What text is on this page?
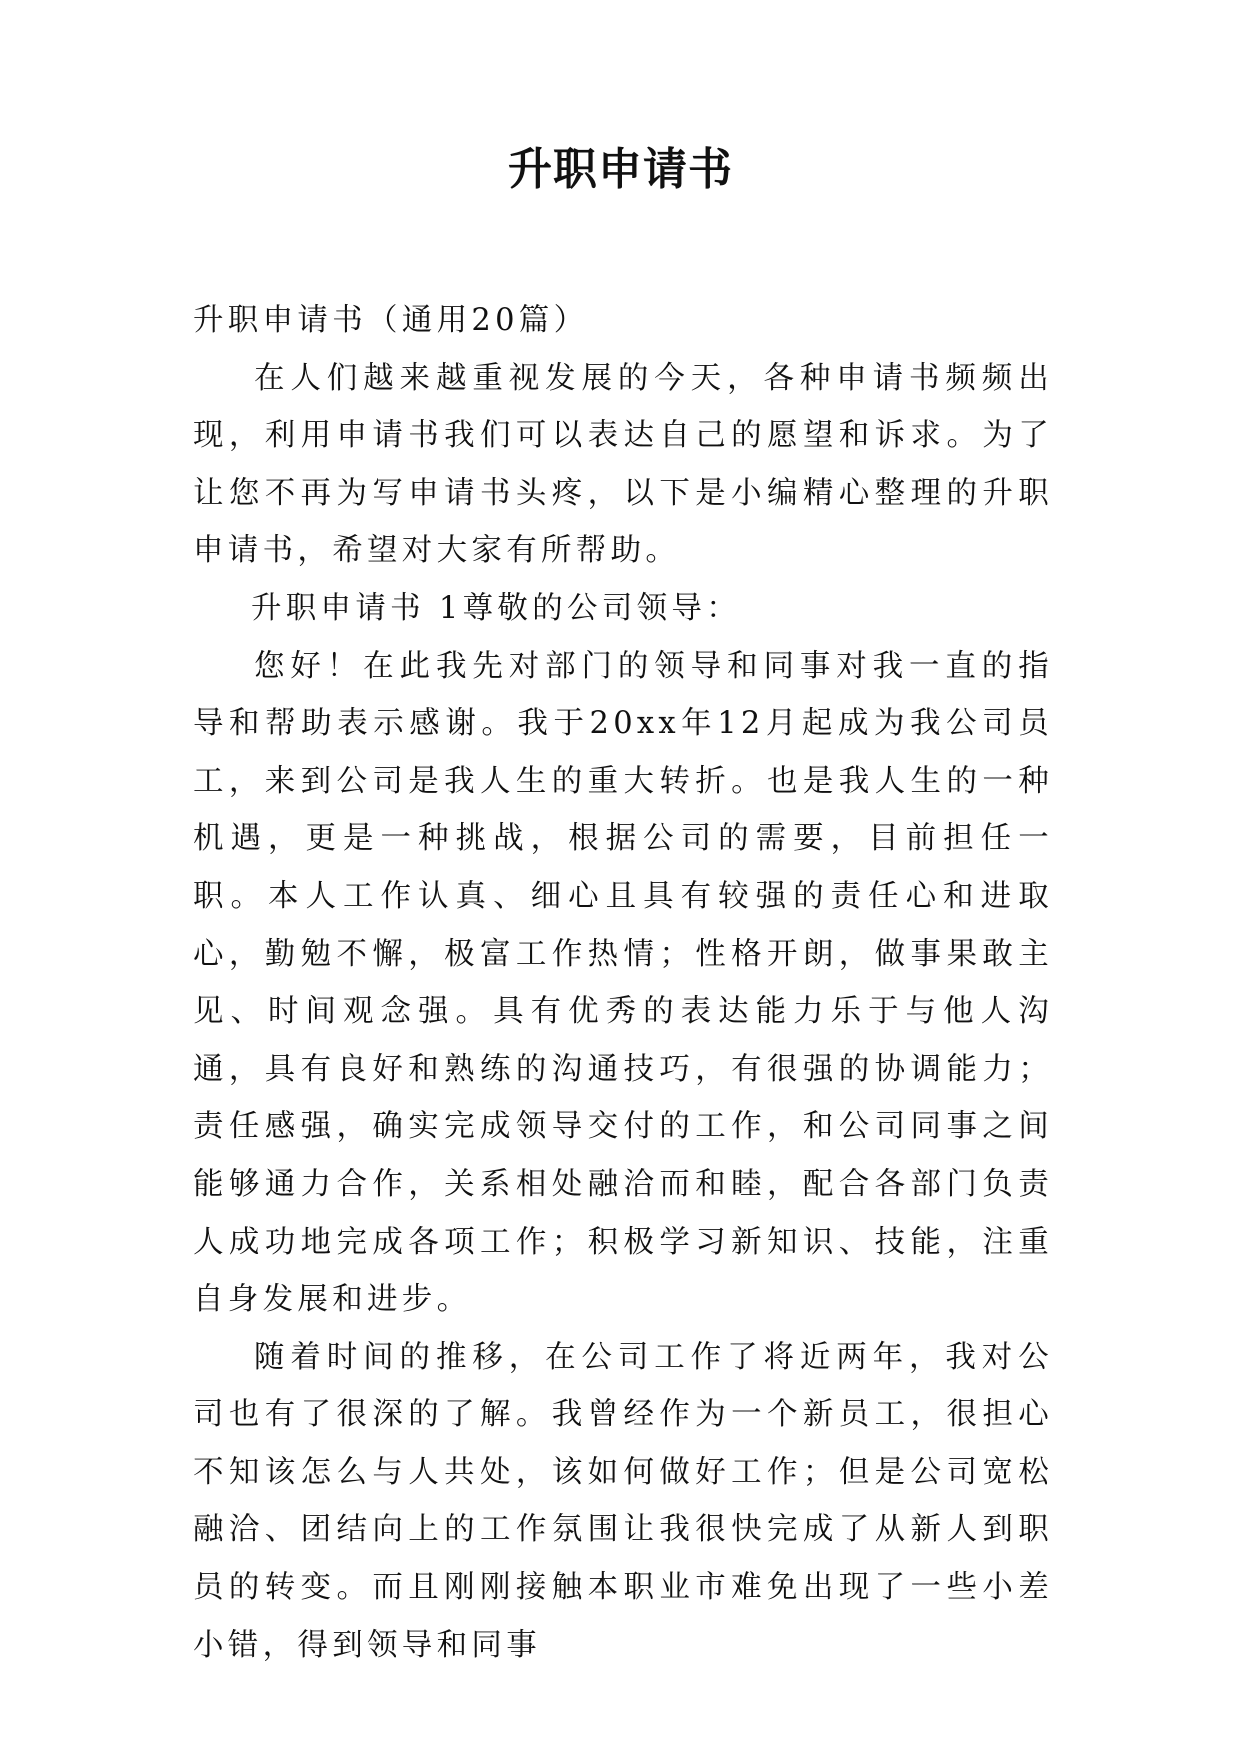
升职申请书

升职申请书（通用20篇）

在人们越来越重视发展的今天，各种申请书频频出现，利用申请书我们可以表达自己的愿望和诉求。为了让您不再为写申请书头疼，以下是小编精心整理的升职申请书，希望对大家有所帮助。

升职申请书 1尊敬的公司领导：

您好！在此我先对部门的领导和同事对我一直的指导和帮助表示感谢。我于20xx年12月起成为我公司员工，来到公司是我人生的重大转折。也是我人生的一种机遇，更是一种挑战，根据公司的需要，目前担任一职。本人工作认真、细心且具有较强的责任心和进取心，勤勉不懈，极富工作热情；性格开朗，做事果敢主见、时间观念强。具有优秀的表达能力乐于与他人沟通，具有良好和熟练的沟通技巧，有很强的协调能力；责任感强，确实完成领导交付的工作，和公司同事之间能够通力合作，关系相处融洽而和睦，配合各部门负责人成功地完成各项工作；积极学习新知识、技能，注重自身发展和进步。

随着时间的推移，在公司工作了将近两年，我对公司也有了很深的了解。我曾经作为一个新员工，很担心不知该怎么与人共处，该如何做好工作；但是公司宽松融洽、团结向上的工作氛围让我很快完成了从新人到职员的转变。而且刚刚接触本职业市难免出现了一些小差小错，得到领导和同事
